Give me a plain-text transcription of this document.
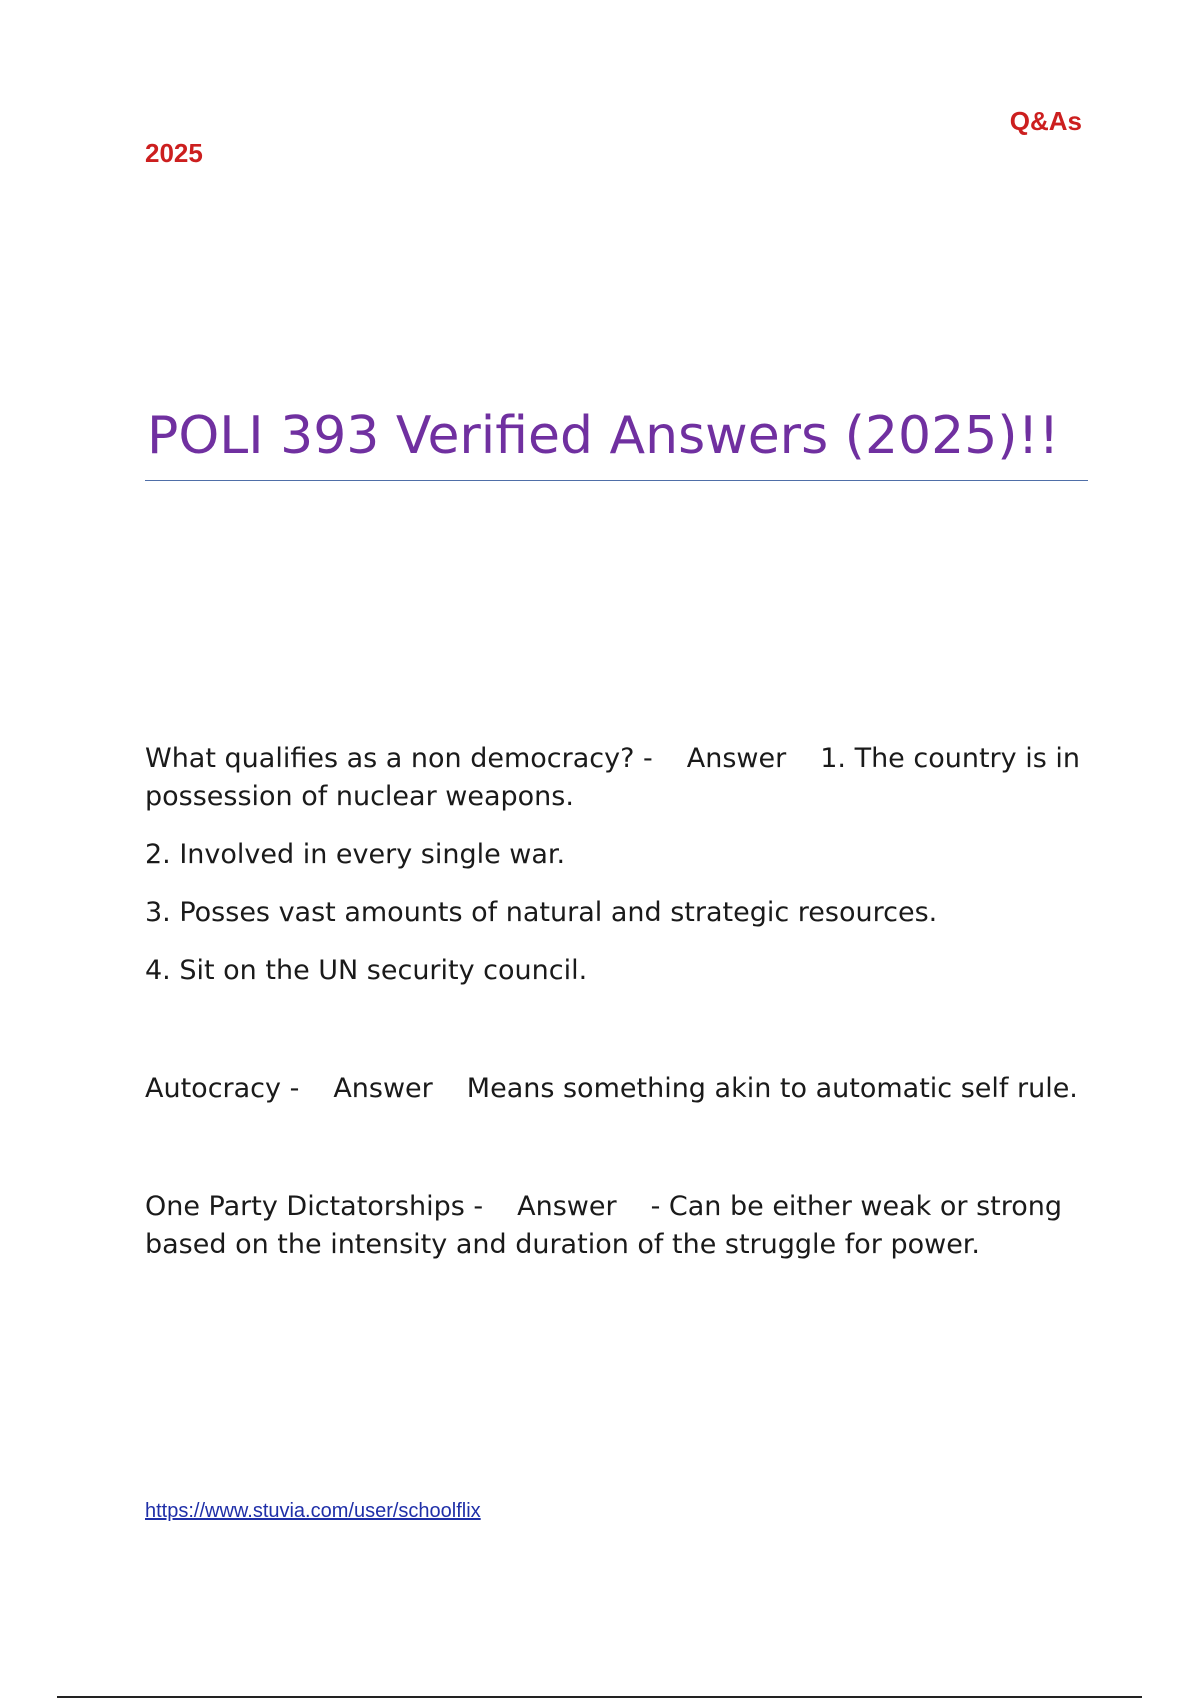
2025
Q&As
POLI 393 Verified Answers (2025)!!

What qualifies as a non democracy? - Answer 1. The country is in possession of nuclear weapons.

2. Involved in every single war.

3. Posses vast amounts of natural and strategic resources.

4. Sit on the UN security council.

Autocracy - Answer Means something akin to automatic self rule.

One Party Dictatorships - Answer - Can be either weak or strong based on the intensity and duration of the struggle for power.

https://www.stuvia.com/user/schoolflix
